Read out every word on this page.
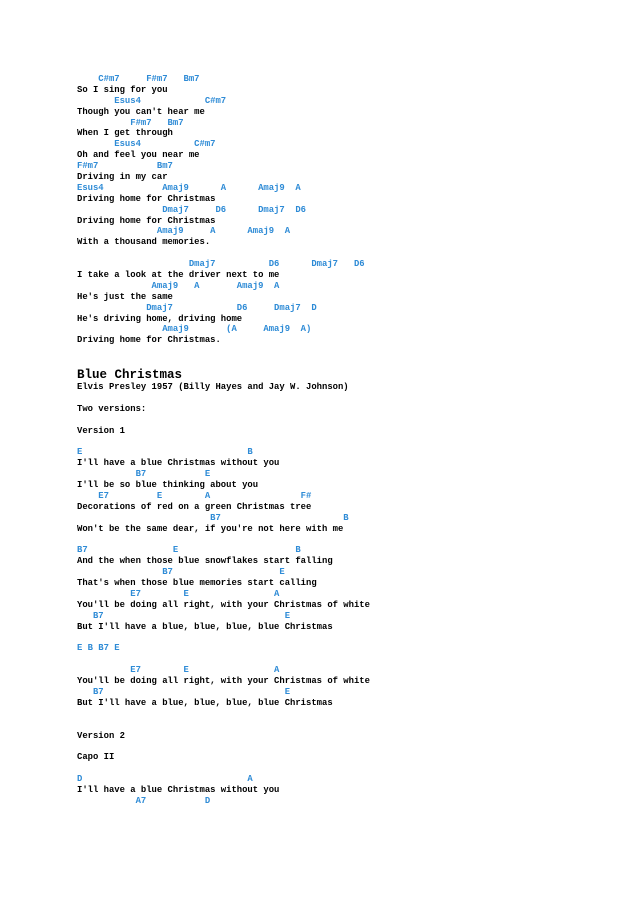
C#m7     F#m7   Bm7
So I sing for you
Esus4            C#m7
Though you can't hear me
F#m7   Bm7
When I get through
Esus4          C#m7
Oh and feel you near me
F#m7           Bm7
Driving in my car
Esus4           Amaj9      A      Amaj9  A
Driving home for Christmas
Dmaj7     D6      Dmaj7  D6
Driving home for Christmas
Amaj9     A      Amaj9  A
With a thousand memories.
Dmaj7          D6      Dmaj7   D6
I take a look at the driver next to me
Amaj9   A       Amaj9  A
He's just the same
Dmaj7            D6     Dmaj7  D
He's driving home, driving home
Amaj9       (A     Amaj9  A)
Driving home for Christmas.
Blue Christmas
Elvis Presley 1957 (Billy Hayes and Jay W. Johnson)
Two versions:
Version 1
E                               B
I'll have a blue Christmas without you
B7           E
I'll be so blue thinking about you
E7         E        A                 F#
Decorations of red on a green Christmas tree
B7                       B
Won't be the same dear, if you're not here with me
B7                E                      B
And the when those blue snowflakes start falling
B7                    E
That's when those blue memories start calling
E7        E                A
You'll be doing all right, with your Christmas of white
B7                                  E
But I'll have a blue, blue, blue, blue Christmas
E B B7 E
E7        E                A
You'll be doing all right, with your Christmas of white
B7                                  E
But I'll have a blue, blue, blue, blue Christmas
Version 2
Capo II
D                               A
I'll have a blue Christmas without you
A7           D
